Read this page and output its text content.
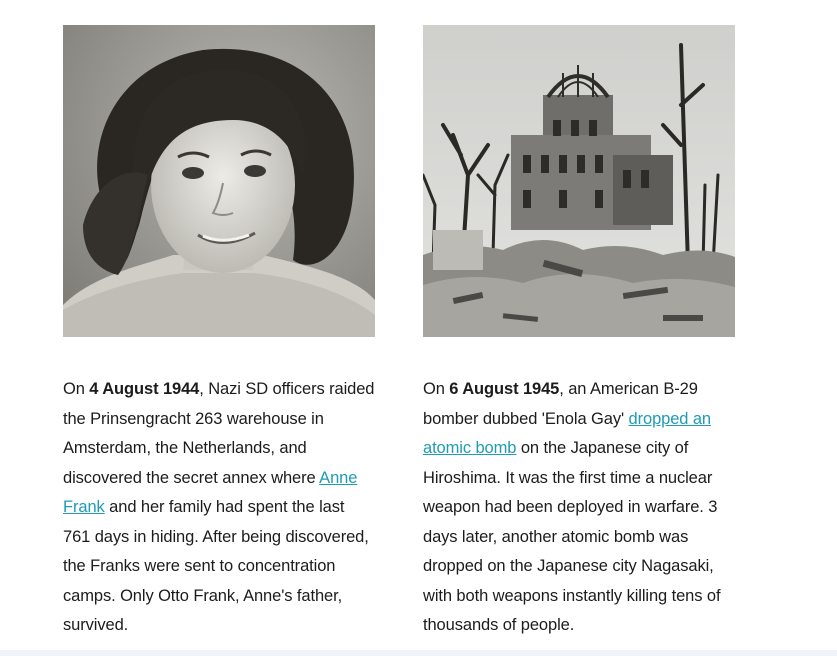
On 4 August 1944, Nazi SD officers raided the Prinsengracht 263 warehouse in Amsterdam, the Netherlands, and discovered the secret annex where Anne Frank and her family had spent the last 761 days in hiding. After being discovered, the Franks were sent to concentration camps. Only Otto Frank, Anne's father, survived.
On 6 August 1945, an American B-29 bomber dubbed 'Enola Gay' dropped an atomic bomb on the Japanese city of Hiroshima. It was the first time a nuclear weapon had been deployed in warfare. 3 days later, another atomic bomb was dropped on the Japanese city Nagasaki, with both weapons instantly killing tens of thousands of people.
